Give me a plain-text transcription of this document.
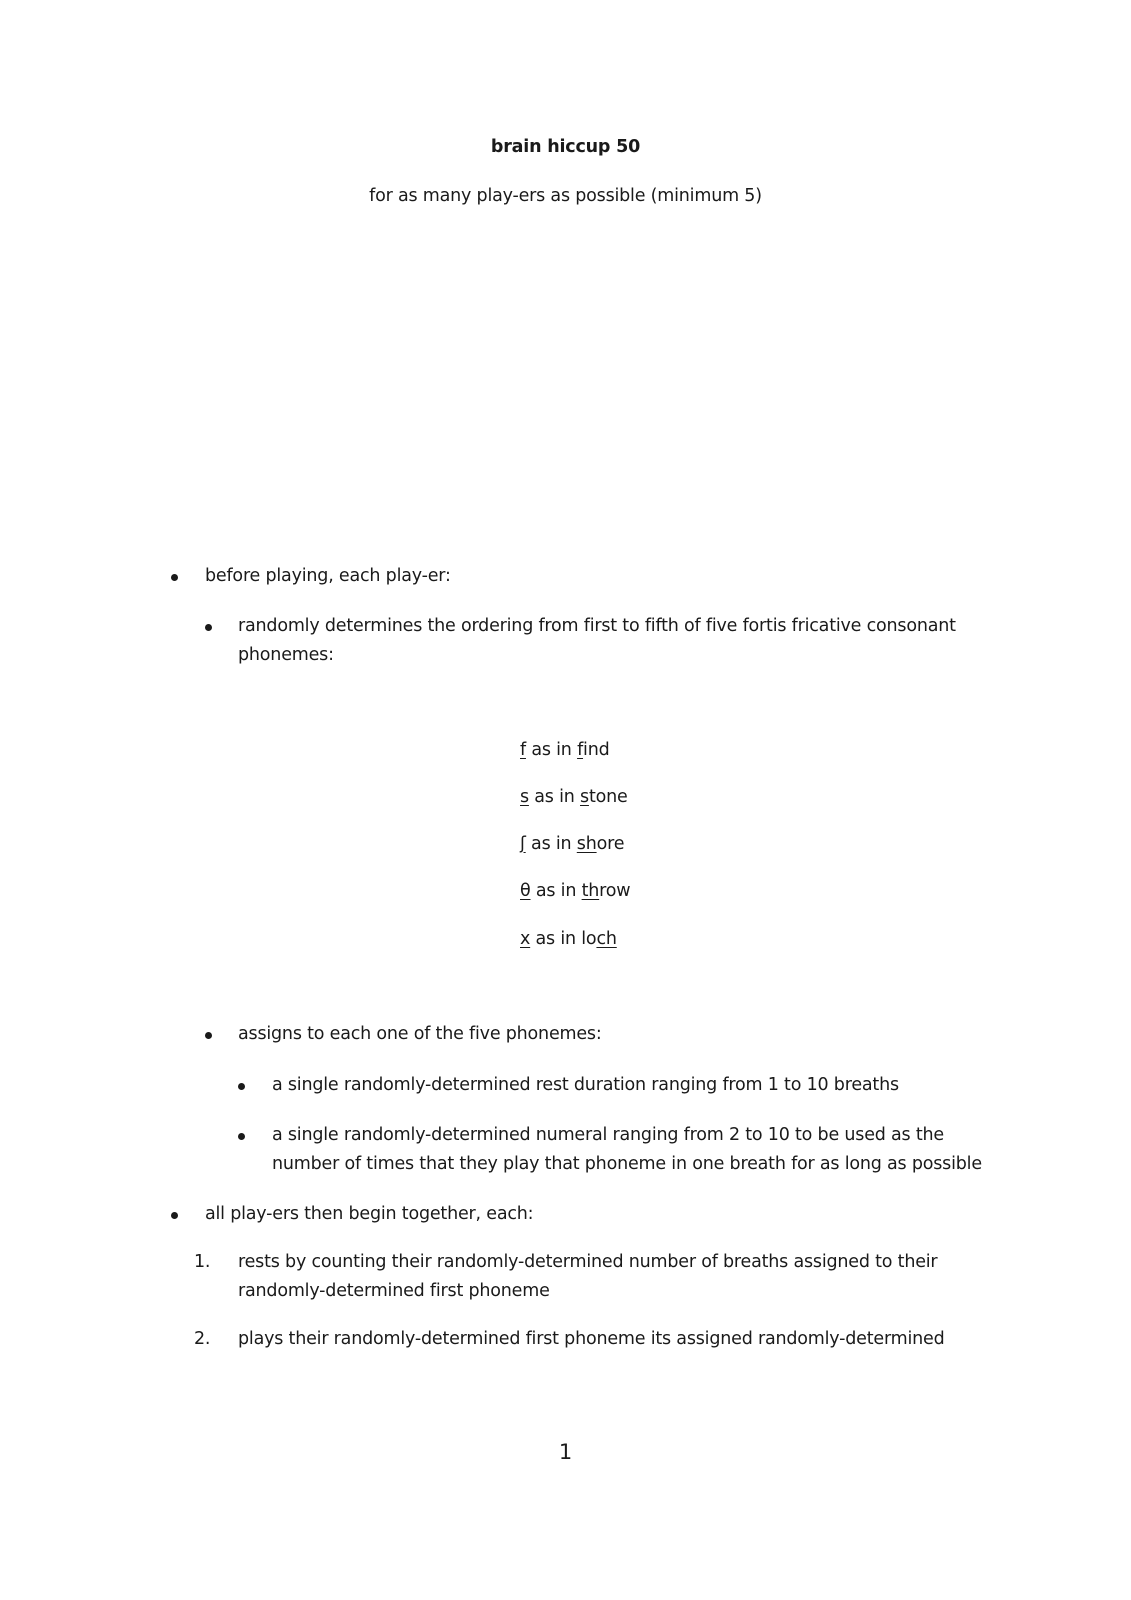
brain hiccup 50
for as many play-ers as possible (minimum 5)
before playing, each play-er:
randomly determines the ordering from first to fifth of five fortis fricative consonant
phonemes:
f as in find
s as in stone
ʃ as in shore
θ as in throw
x as in loch
assigns to each one of the five phonemes:
a single randomly-determined rest duration ranging from 1 to 10 breaths
a single randomly-determined numeral ranging from 2 to 10 to be used as the
number of times that they play that phoneme in one breath for as long as possible
all play-ers then begin together, each:
1. rests by counting their randomly-determined number of breaths assigned to their
randomly-determined first phoneme
2. plays their randomly-determined first phoneme its assigned randomly-determined
1
